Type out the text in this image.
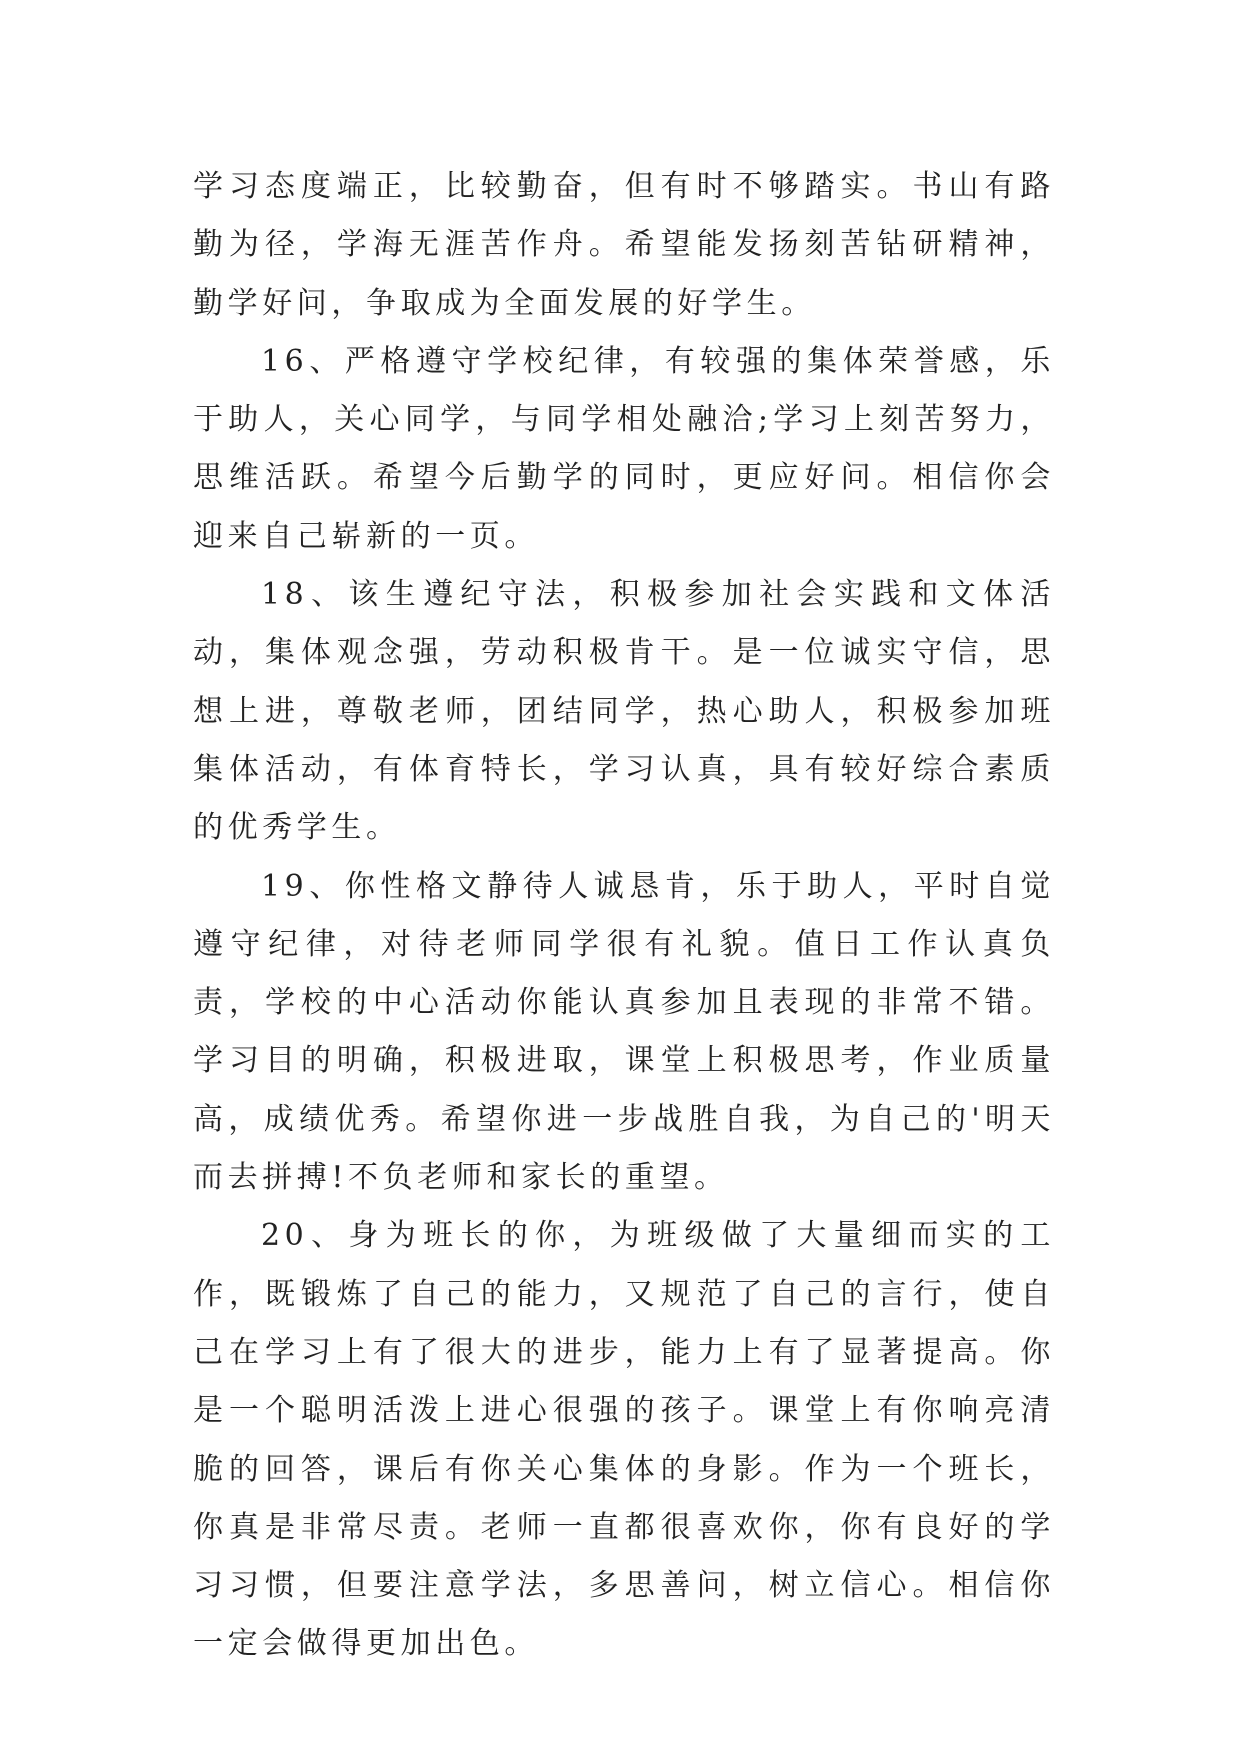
学习态度端正，比较勤奋，但有时不够踏实。书山有路勤为径，学海无涯苦作舟。希望能发扬刻苦钻研精神，勤学好问，争取成为全面发展的好学生。

16、严格遵守学校纪律，有较强的集体荣誉感，乐于助人，关心同学，与同学相处融洽;学习上刻苦努力，思维活跃。希望今后勤学的同时，更应好问。相信你会迎来自己崭新的一页。

18、该生遵纪守法，积极参加社会实践和文体活动，集体观念强，劳动积极肯干。是一位诚实守信，思想上进，尊敬老师，团结同学，热心助人，积极参加班集体活动，有体育特长，学习认真，具有较好综合素质的优秀学生。

19、你性格文静待人诚恳肯，乐于助人，平时自觉遵守纪律，对待老师同学很有礼貌。值日工作认真负责，学校的中心活动你能认真参加且表现的非常不错。学习目的明确，积极进取，课堂上积极思考，作业质量高，成绩优秀。希望你进一步战胜自我，为自己的'明天而去拼搏!不负老师和家长的重望。

20、身为班长的你，为班级做了大量细而实的工作，既锻炼了自己的能力，又规范了自己的言行，使自己在学习上有了很大的进步，能力上有了显著提高。你是一个聪明活泼上进心很强的孩子。课堂上有你响亮清脆的回答，课后有你关心集体的身影。作为一个班长，你真是非常尽责。老师一直都很喜欢你，你有良好的学习习惯，但要注意学法，多思善问，树立信心。相信你一定会做得更加出色。
